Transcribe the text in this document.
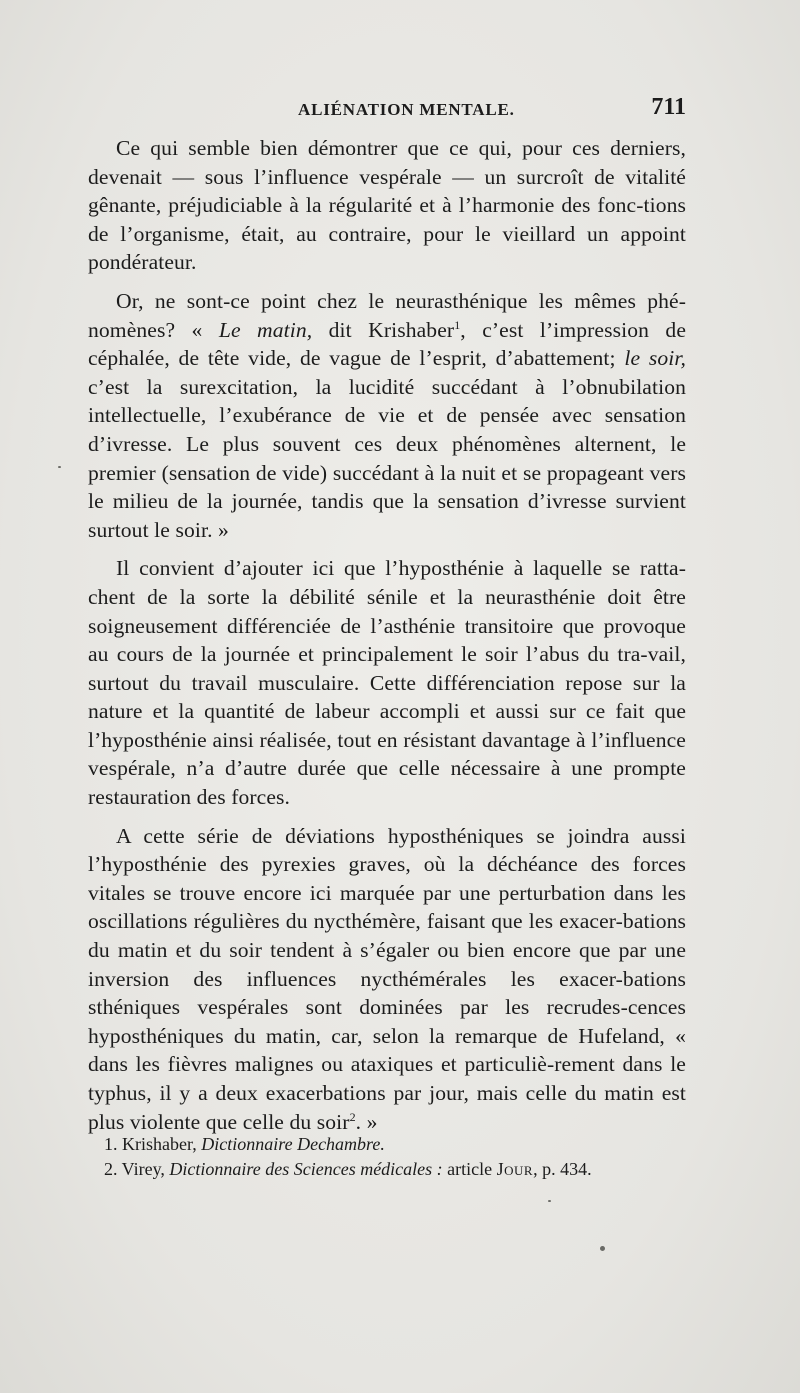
ALIÉNATION MENTALE.	711

Ce qui semble bien démontrer que ce qui, pour ces derniers, devenait — sous l’influence vespérale — un surcroît de vitalité gênante, préjudiciable à la régularité et à l’harmonie des fonc-tions de l’organisme, était, au contraire, pour le vieillard un appoint pondérateur.

Or, ne sont-ce point chez le neurasthénique les mêmes phé-nomènes? « Le matin, dit Krishaber$^1$, c’est l’impression de céphalée, de tête vide, de vague de l’esprit, d’abattement; le soir, c’est la surexcitation, la lucidité succédant à l’obnubilation intellectuelle, l’exubérance de vie et de pensée avec sensation d’ivresse. Le plus souvent ces deux phénomènes alternent, le premier (sensation de vide) succédant à la nuit et se propageant vers le milieu de la journée, tandis que la sensation d’ivresse survient surtout le soir. »

Il convient d’ajouter ici que l’hyposthénie à laquelle se ratta-chent de la sorte la débilité sénile et la neurasthénie doit être soigneusement différenciée de l’asthénie transitoire que provoque au cours de la journée et principalement le soir l’abus du tra-vail, surtout du travail musculaire. Cette différenciation repose sur la nature et la quantité de labeur accompli et aussi sur ce fait que l’hyposthénie ainsi réalisée, tout en résistant davantage à l’influence vespérale, n’a d’autre durée que celle nécessaire à une prompte restauration des forces.

A cette série de déviations hyposthéniques se joindra aussi l’hyposthénie des pyrexies graves, où la déchéance des forces vitales se trouve encore ici marquée par une perturbation dans les oscillations régulières du nycthémère, faisant que les exacer-bations du matin et du soir tendent à s’égaler ou bien encore que par une inversion des influences nycthémérales les exacer-bations sthéniques vespérales sont dominées par les recrudes-cences hyposthéniques du matin, car, selon la remarque de Hufeland, « dans les fièvres malignes ou ataxiques et particuliè-rement dans le typhus, il y a deux exacerbations par jour, mais celle du matin est plus violente que celle du soir$^2$. »

1. Krishaber, Dictionnaire Dechambre.

2. Virey, Dictionnaire des Sciences médicales : article Jour, p. 434.
